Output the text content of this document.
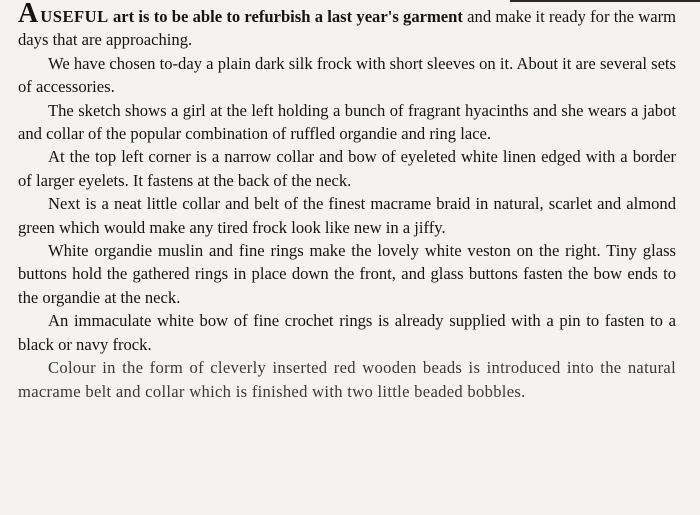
AUSEFUL art is to be able to refurbish a last year's garment and make it ready for the warm days that are approaching.

We have chosen to-day a plain dark silk frock with short sleeves on it. About it are several sets of accessories.

The sketch shows a girl at the left holding a bunch of fragrant hyacinths and she wears a jabot and collar of the popular combination of ruffled organdie and ring lace.

At the top left corner is a narrow collar and bow of eyeleted white linen edged with a border of larger eyelets. It fastens at the back of the neck.

Next is a neat little collar and belt of the finest macrame braid in natural, scarlet and almond green which would make any tired frock look like new in a jiffy.

White organdie muslin and fine rings make the lovely white veston on the right. Tiny glass buttons hold the gathered rings in place down the front, and glass buttons fasten the bow ends to the organdie at the neck.

An immaculate white bow of fine crochet rings is already supplied with a pin to fasten to a black or navy frock.

Colour in the form of cleverly inserted red wooden beads is introduced into the natural macrame belt and collar which is finished with two little beaded bobbles.
